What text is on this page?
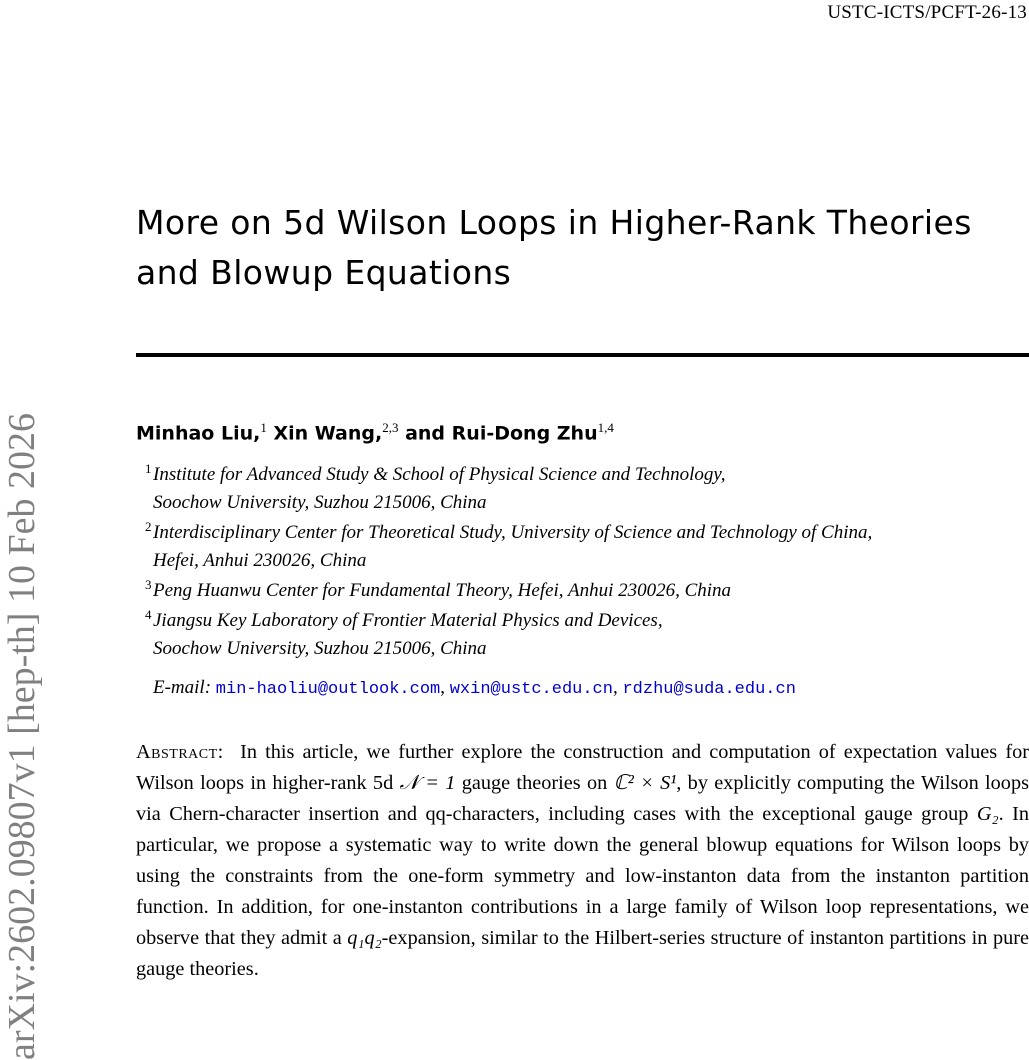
USTC-ICTS/PCFT-26-13
arXiv:2602.09807v1 [hep-th] 10 Feb 2026
More on 5d Wilson Loops in Higher-Rank Theories
and Blowup Equations
Minhao Liu,$^1$ Xin Wang,$^{2,3}$ and Rui-Dong Zhu$^{1,4}$
1 Institute for Advanced Study & School of Physical Science and Technology,
Soochow University, Suzhou 215006, China
2 Interdisciplinary Center for Theoretical Study, University of Science and Technology of China,
Hefei, Anhui 230026, China
3 Peng Huanwu Center for Fundamental Theory, Hefei, Anhui 230026, China
4 Jiangsu Key Laboratory of Frontier Material Physics and Devices,
Soochow University, Suzhou 215006, China
E-mail: min-haoliu@outlook.com, wxin@ustc.edu.cn, rdzhu@suda.edu.cn
Abstract: In this article, we further explore the construction and computation of expectation values for Wilson loops in higher-rank 5d 𝒩 = 1 gauge theories on ℂ² × S¹, by explicitly computing the Wilson loops via Chern-character insertion and qq-characters, including cases with the exceptional gauge group G₂. In particular, we propose a systematic way to write down the general blowup equations for Wilson loops by using the constraints from the one-form symmetry and low-instanton data from the instanton partition function. In addition, for one-instanton contributions in a large family of Wilson loop representations, we observe that they admit a q₁q₂-expansion, similar to the Hilbert-series structure of instanton partitions in pure gauge theories.
